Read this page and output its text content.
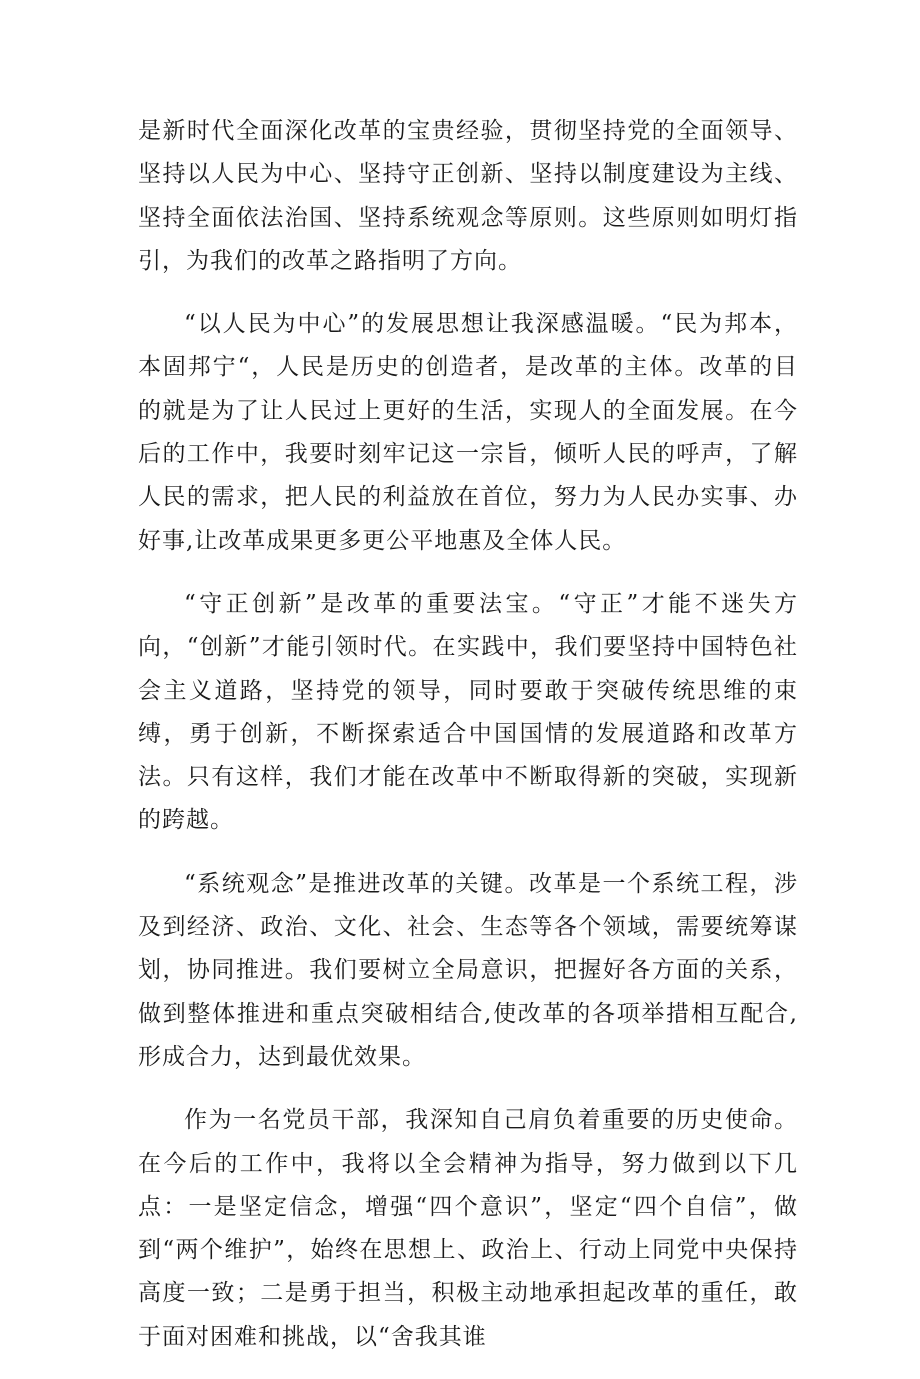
是新时代全面深化改革的宝贵经验，贯彻坚持党的全面领导、坚持以人民为中心、坚持守正创新、坚持以制度建设为主线、坚持全面依法治国、坚持系统观念等原则。这些原则如明灯指引，为我们的改革之路指明了方向。

“以人民为中心”的发展思想让我深感温暖。“民为邦本，本固邦宁“，人民是历史的创造者，是改革的主体。改革的目的就是为了让人民过上更好的生活，实现人的全面发展。在今后的工作中，我要时刻牢记这一宗旨，倾听人民的呼声，了解人民的需求，把人民的利益放在首位，努力为人民办实事、办好事,让改革成果更多更公平地惠及全体人民。

“守正创新”是改革的重要法宝。“守正”才能不迷失方向，“创新”才能引领时代。在实践中，我们要坚持中国特色社会主义道路，坚持党的领导，同时要敢于突破传统思维的束缚，勇于创新，不断探索适合中国国情的发展道路和改革方法。只有这样，我们才能在改革中不断取得新的突破，实现新的跨越。

“系统观念”是推进改革的关键。改革是一个系统工程，涉及到经济、政治、文化、社会、生态等各个领域，需要统筹谋划，协同推进。我们要树立全局意识，把握好各方面的关系，做到整体推进和重点突破相结合,使改革的各项举措相互配合,形成合力，达到最优效果。

作为一名党员干部，我深知自己肩负着重要的历史使命。在今后的工作中，我将以全会精神为指导，努力做到以下几点：一是坚定信念，增强“四个意识”，坚定“四个自信”，做到“两个维护”，始终在思想上、政治上、行动上同党中央保持高度一致；二是勇于担当，积极主动地承担起改革的重任，敢于面对困难和挑战，以“舍我其谁
